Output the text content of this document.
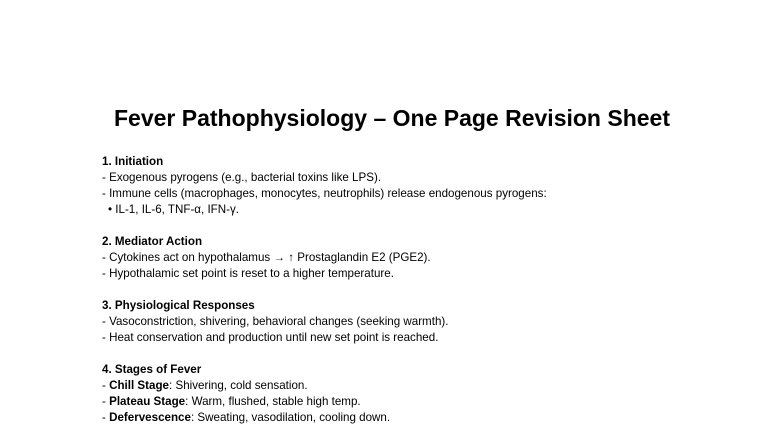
Fever Pathophysiology – One Page Revision Sheet
1. Initiation
- Exogenous pyrogens (e.g., bacterial toxins like LPS).
- Immune cells (macrophages, monocytes, neutrophils) release endogenous pyrogens:
• IL-1, IL-6, TNF-α, IFN-γ.
2. Mediator Action
- Cytokines act on hypothalamus → ↑ Prostaglandin E2 (PGE2).
- Hypothalamic set point is reset to a higher temperature.
3. Physiological Responses
- Vasoconstriction, shivering, behavioral changes (seeking warmth).
- Heat conservation and production until new set point is reached.
4. Stages of Fever
- Chill Stage: Shivering, cold sensation.
- Plateau Stage: Warm, flushed, stable high temp.
- Defervescence: Sweating, vasodilation, cooling down.
